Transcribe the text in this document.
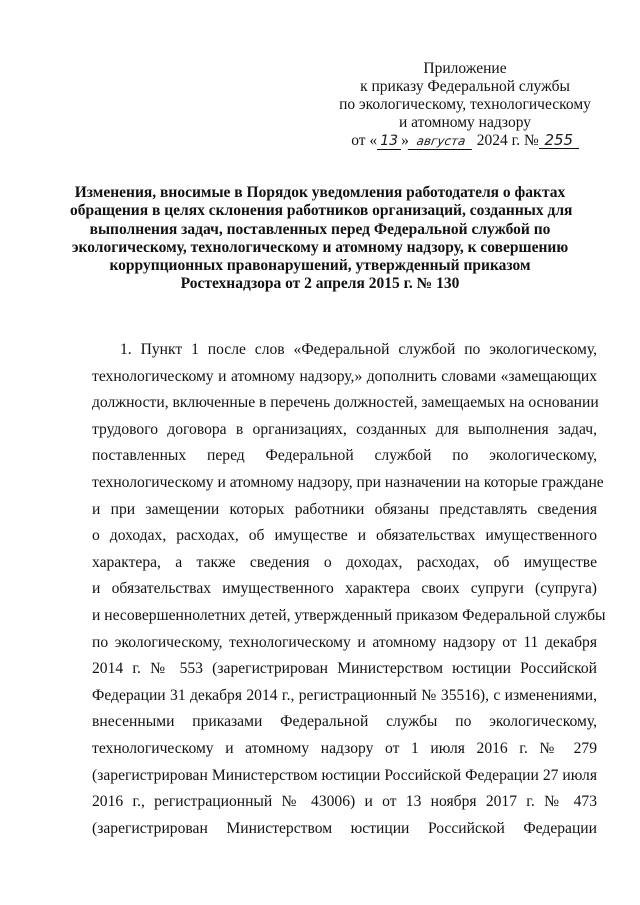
Приложение
к приказу Федеральной службы
по экологическому, технологическому
и атомному надзору
от « 13 » августа 2024 г. № 255
Изменения, вносимые в Порядок уведомления работодателя о фактах
обращения в целях склонения работников организаций, созданных для
выполнения задач, поставленных перед Федеральной службой по
экологическому, технологическому и атомному надзору, к совершению
коррупционных правонарушений, утвержденный приказом
Ростехнадзора от 2 апреля 2015 г. № 130
1. Пункт 1 после слов «Федеральной службой по экологическому,
технологическому и атомному надзору,» дополнить словами «замещающих
должности, включенные в перечень должностей, замещаемых на основании
трудового договора в организациях, созданных для выполнения задач,
поставленных перед Федеральной службой по экологическому,
технологическому и атомному надзору, при назначении на которые граждане
и при замещении которых работники обязаны представлять сведения
о доходах, расходах, об имуществе и обязательствах имущественного
характера, а также сведения о доходах, расходах, об имуществе
и обязательствах имущественного характера своих супруги (супруга)
и несовершеннолетних детей, утвержденный приказом Федеральной службы
по экологическому, технологическому и атомному надзору от 11 декабря
2014 г. № 553 (зарегистрирован Министерством юстиции Российской
Федерации 31 декабря 2014 г., регистрационный № 35516), с изменениями,
внесенными приказами Федеральной службы по экологическому,
технологическому и атомному надзору от 1 июля 2016 г. № 279
(зарегистрирован Министерством юстиции Российской Федерации 27 июля
2016 г., регистрационный № 43006) и от 13 ноября 2017 г. № 473
(зарегистрирован Министерством юстиции Российской Федерации
